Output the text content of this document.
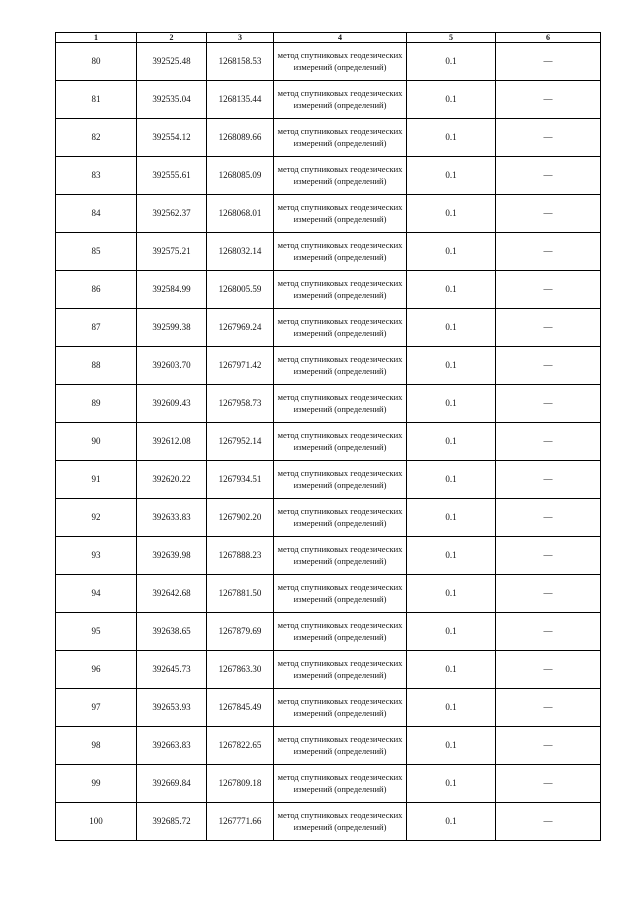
1	2	3	4	5	6
80	392525.48	1268158.53	метод спутниковых геодезических измерений (определений)	0.1	—
81	392535.04	1268135.44	метод спутниковых геодезических измерений (определений)	0.1	—
82	392554.12	1268089.66	метод спутниковых геодезических измерений (определений)	0.1	—
83	392555.61	1268085.09	метод спутниковых геодезических измерений (определений)	0.1	—
84	392562.37	1268068.01	метод спутниковых геодезических измерений (определений)	0.1	—
85	392575.21	1268032.14	метод спутниковых геодезических измерений (определений)	0.1	—
86	392584.99	1268005.59	метод спутниковых геодезических измерений (определений)	0.1	—
87	392599.38	1267969.24	метод спутниковых геодезических измерений (определений)	0.1	—
88	392603.70	1267971.42	метод спутниковых геодезических измерений (определений)	0.1	—
89	392609.43	1267958.73	метод спутниковых геодезических измерений (определений)	0.1	—
90	392612.08	1267952.14	метод спутниковых геодезических измерений (определений)	0.1	—
91	392620.22	1267934.51	метод спутниковых геодезических измерений (определений)	0.1	—
92	392633.83	1267902.20	метод спутниковых геодезических измерений (определений)	0.1	—
93	392639.98	1267888.23	метод спутниковых геодезических измерений (определений)	0.1	—
94	392642.68	1267881.50	метод спутниковых геодезических измерений (определений)	0.1	—
95	392638.65	1267879.69	метод спутниковых геодезических измерений (определений)	0.1	—
96	392645.73	1267863.30	метод спутниковых геодезических измерений (определений)	0.1	—
97	392653.93	1267845.49	метод спутниковых геодезических измерений (определений)	0.1	—
98	392663.83	1267822.65	метод спутниковых геодезических измерений (определений)	0.1	—
99	392669.84	1267809.18	метод спутниковых геодезических измерений (определений)	0.1	—
100	392685.72	1267771.66	метод спутниковых геодезических измерений (определений)	0.1	—
